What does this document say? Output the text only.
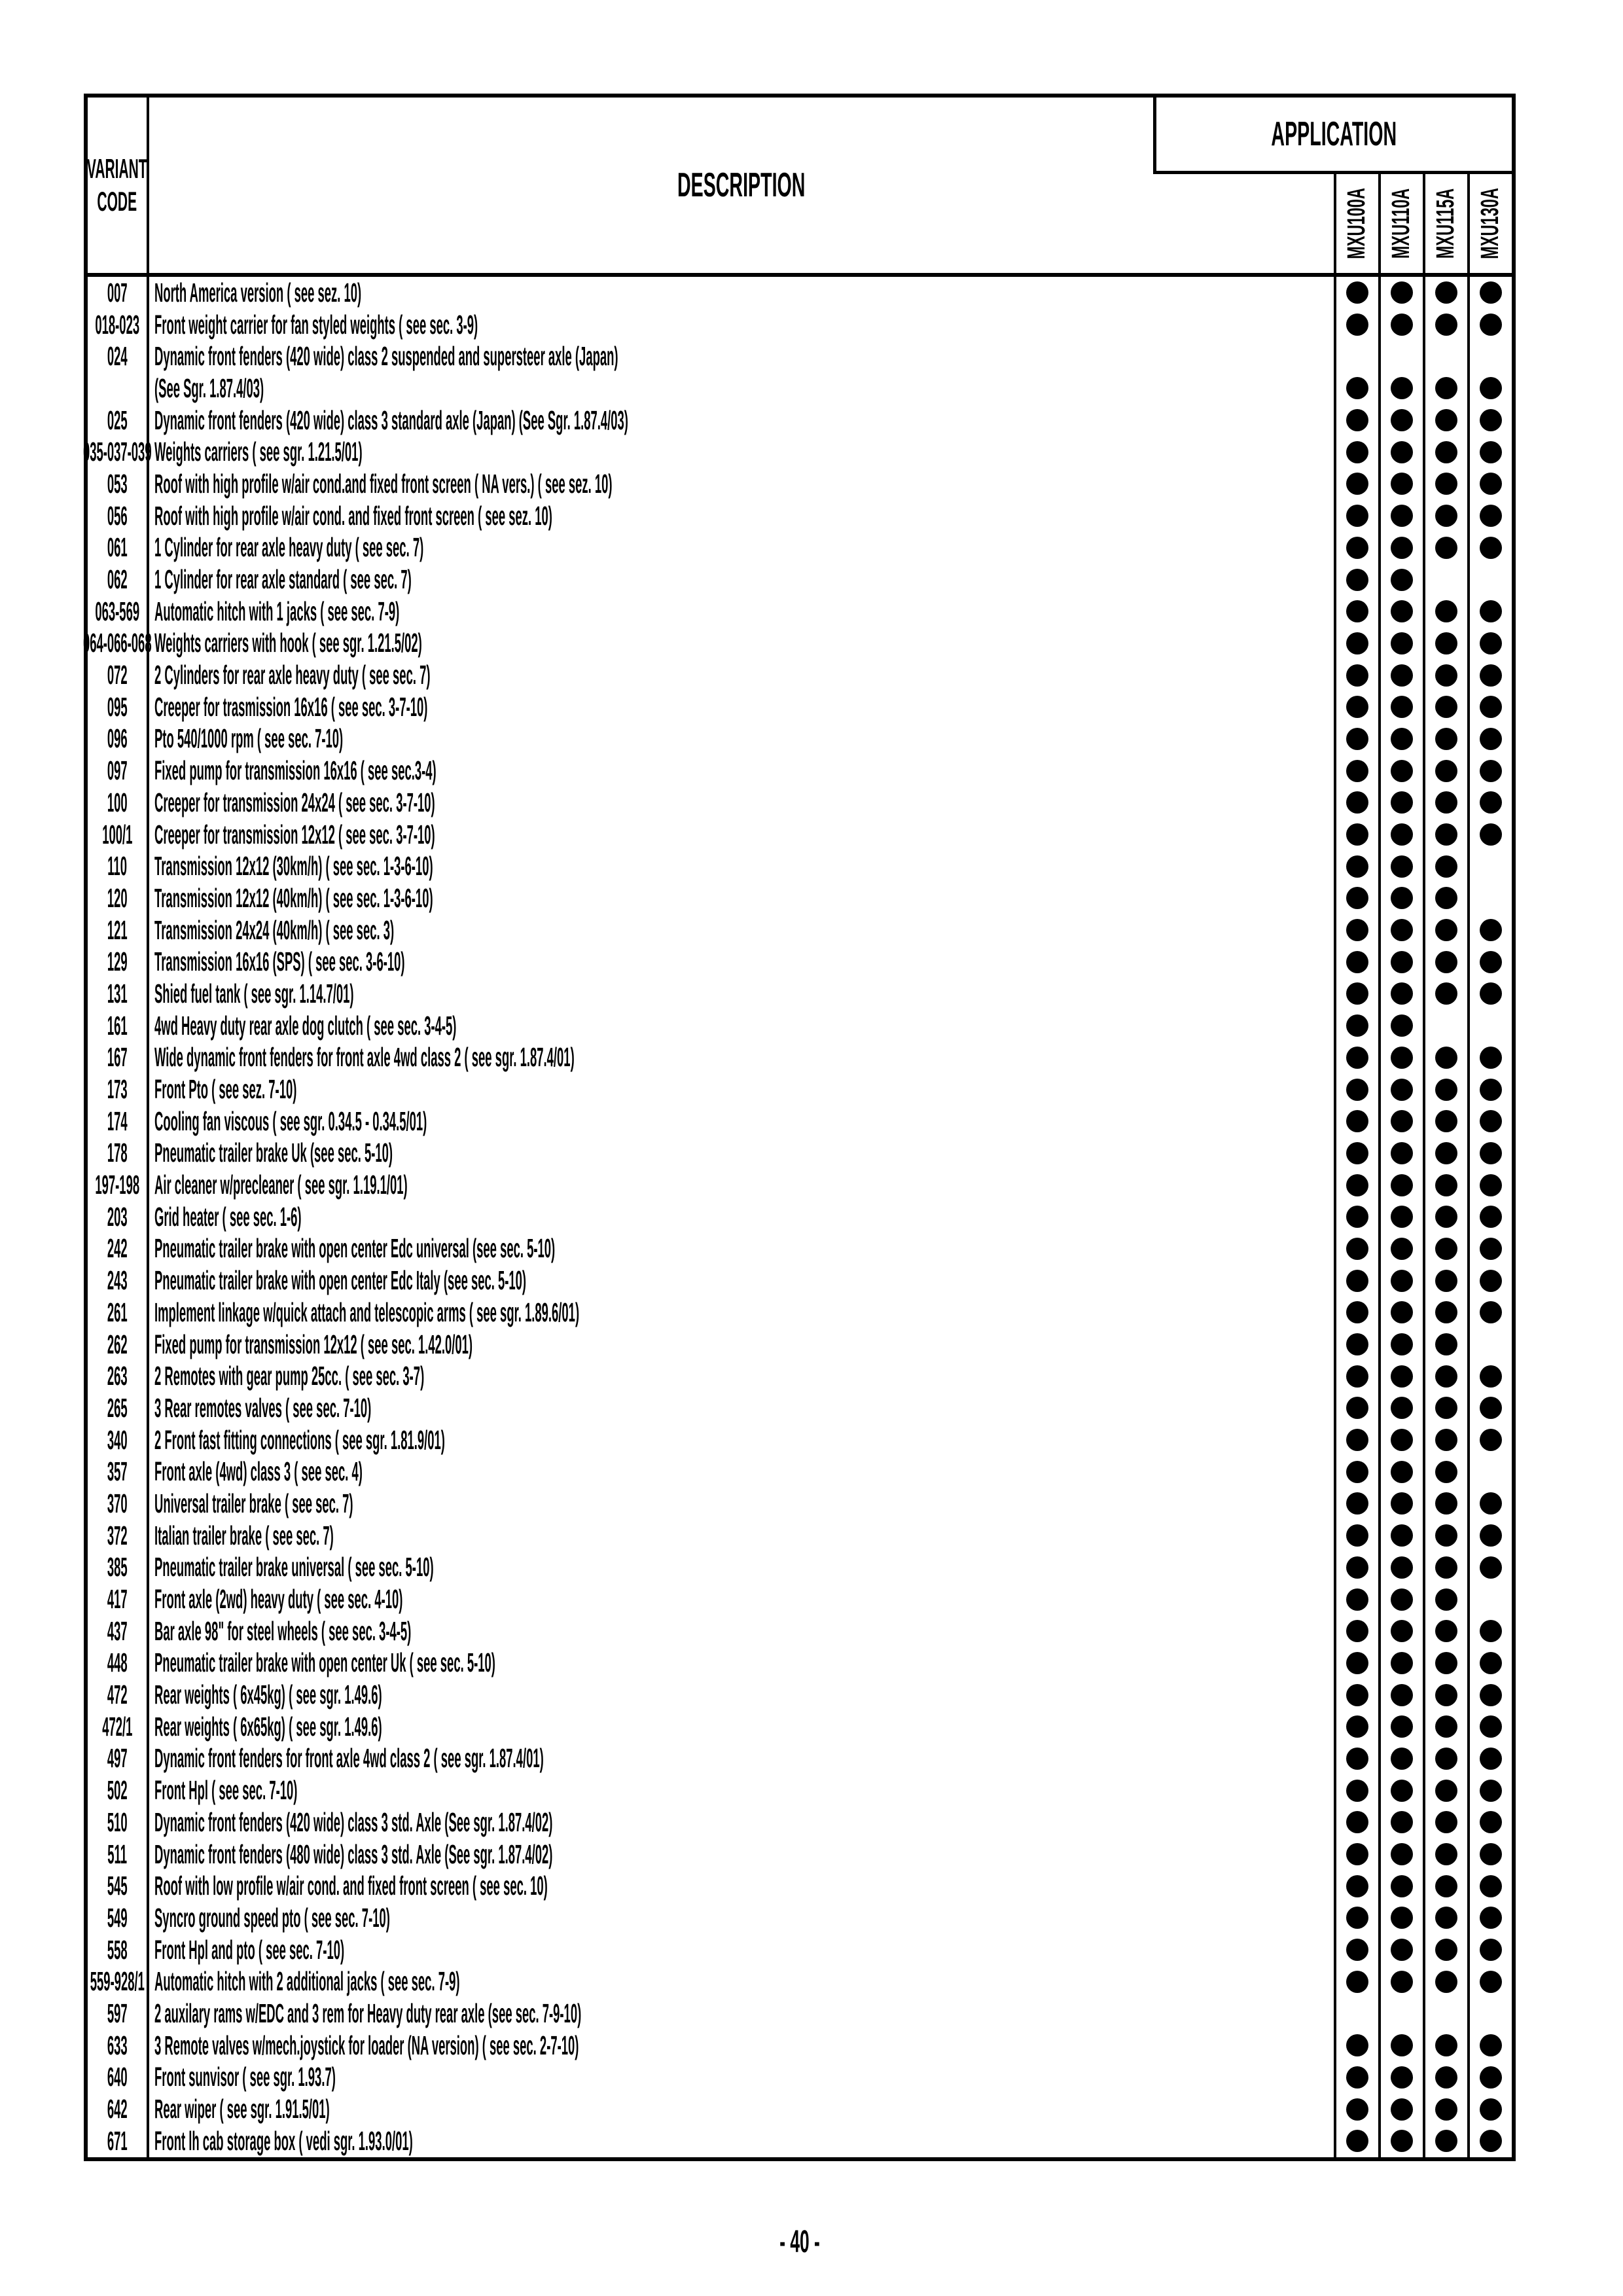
VARIANT
CODE	DESCRIPTION
MXU100A MXU110A MXU115A MXU130A
APPLICATION
007 North America version ( see sez. 10)
018-023 Front weight carrier for fan styled weights ( see sec. 3-9)
024 Dynamic front fenders (420 wide) class 2 suspended and supersteer axle (Japan)
(See Sgr. 1.87.4/03)
025 Dynamic front fenders (420 wide) class 3 standard axle (Japan) (See Sgr. 1.87.4/03)
035-037-039 Weights carriers ( see sgr. 1.21.5/01)
053 Roof with high profile w/air cond.and fixed front screen ( NA vers.) ( see sez. 10)
056 Roof with high profile w/air cond. and fixed front screen ( see sez. 10)
061 1 Cylinder for rear axle heavy duty ( see sec. 7)
062 1 Cylinder for rear axle standard ( see sec. 7)
063-569 Automatic hitch with 1 jacks ( see sec. 7-9)
064-066-068 Weights carriers with hook ( see sgr. 1.21.5/02)
072 2 Cylinders for rear axle heavy duty ( see sec. 7)
095 Creeper for trasmission 16x16 ( see sec. 3-7-10)
096 Pto 540/1000 rpm ( see sec. 7-10)
097 Fixed pump for transmission 16x16 ( see sec.3-4)
100 Creeper for transmission 24x24 ( see sec. 3-7-10)
100/1 Creeper for transmission 12x12 ( see sec. 3-7-10)
110 Transmission 12x12 (30km/h) ( see sec. 1-3-6-10)
120 Transmission 12x12 (40km/h) ( see sec. 1-3-6-10)
121 Transmission 24x24 (40km/h) ( see sec. 3)
129 Transmission 16x16 (SPS) ( see sec. 3-6-10)
131 Shied fuel tank ( see sgr. 1.14.7/01)
161 4wd Heavy duty rear axle dog clutch ( see sec. 3-4-5)
167 Wide dynamic front fenders for front axle 4wd class 2 ( see sgr. 1.87.4/01)
173 Front Pto ( see sez. 7-10)
174 Cooling fan viscous ( see sgr. 0.34.5 - 0.34.5/01)
178 Pneumatic trailer brake Uk (see sec. 5-10)
197-198 Air cleaner w/precleaner ( see sgr. 1.19.1/01)
203 Grid heater ( see sec. 1-6)
242 Pneumatic trailer brake with open center Edc universal (see sec. 5-10)
243 Pneumatic trailer brake with open center Edc Italy (see sec. 5-10)
261 Implement linkage w/quick attach and telescopic arms ( see sgr. 1.89.6/01)
262 Fixed pump for transmission 12x12 ( see sec. 1.42.0/01)
263 2 Remotes with gear pump 25cc. ( see sec. 3-7)
265 3 Rear remotes valves ( see sec. 7-10)
340 2 Front fast fitting connections ( see sgr. 1.81.9/01)
357 Front axle (4wd) class 3 ( see sec. 4)
370 Universal trailer brake ( see sec. 7)
372 Italian trailer brake ( see sec. 7)
385 Pneumatic trailer brake universal ( see sec. 5-10)
417 Front axle (2wd) heavy duty ( see sec. 4-10)
437 Bar axle 98" for steel wheels ( see sec. 3-4-5)
448 Pneumatic trailer brake with open center Uk ( see sec. 5-10)
472 Rear weights ( 6x45kg) ( see sgr. 1.49.6)
472/1 Rear weights ( 6x65kg) ( see sgr. 1.49.6)
497 Dynamic front fenders for front axle 4wd class 2 ( see sgr. 1.87.4/01)
502 Front Hpl ( see sec. 7-10)
510 Dynamic front fenders (420 wide) class 3 std. Axle (See sgr. 1.87.4/02)
511 Dynamic front fenders (480 wide) class 3 std. Axle (See sgr. 1.87.4/02)
545 Roof with low profile w/air cond. and fixed front screen ( see sec. 10)
549 Syncro ground speed pto ( see sec. 7-10)
558 Front Hpl and pto ( see sec. 7-10)
559-928/1 Automatic hitch with 2 additional jacks ( see sec. 7-9)
597 2 auxilary rams w/EDC and 3 rem for Heavy duty rear axle (see sec. 7-9-10)
633 3 Remote valves w/mech.joystick for loader (NA version) ( see sec. 2-7-10)
640 Front sunvisor ( see sgr. 1.93.7)
642 Rear wiper ( see sgr. 1.91.5/01)
671 Front lh cab storage box ( vedi sgr. 1.93.0/01)
- 40 -
